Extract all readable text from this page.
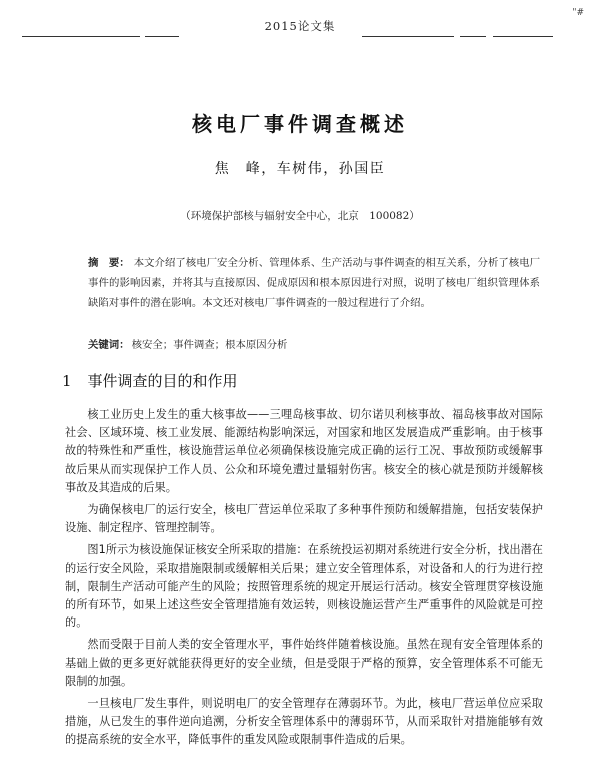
2015论文集
"#
核电厂事件调查概述
焦　峰，车树伟，孙国臣
（环境保护部核与辐射安全中心，北京　100082）
摘　要： 本文介绍了核电厂安全分析、管理体系、生产活动与事件调查的相互关系，分析了核电厂事件的影响因素，并将其与直接原因、促成原因和根本原因进行对照，说明了核电厂组织管理体系缺陷对事件的潜在影响。本文还对核电厂事件调查的一般过程进行了介绍。
关键词： 核安全；事件调查；根本原因分析
1 事件调查的目的和作用

核工业历史上发生的重大核事故——三哩岛核事故、切尔诺贝利核事故、福岛核事故对国际社会、区域环境、核工业发展、能源结构影响深远，对国家和地区发展造成严重影响。由于核事故的特殊性和严重性，核设施营运单位必须确保核设施完成正确的运行工况、事故预防或缓解事故后果从而实现保护工作人员、公众和环境免遭过量辐射伤害。核安全的核心就是预防并缓解核事故及其造成的后果。

为确保核电厂的运行安全，核电厂营运单位采取了多种事件预防和缓解措施，包括安装保护设施、制定程序、管理控制等。

图1所示为核设施保证核安全所采取的措施：在系统投运初期对系统进行安全分析，找出潜在的运行安全风险，采取措施限制或缓解相关后果；建立安全管理体系，对设备和人的行为进行控制，限制生产活动可能产生的风险；按照管理系统的规定开展运行活动。核安全管理贯穿核设施的所有环节，如果上述这些安全管理措施有效运转，则核设施运营产生严重事件的风险就是可控的。

然而受限于目前人类的安全管理水平，事件始终伴随着核设施。虽然在现有安全管理体系的基础上做的更多更好就能获得更好的安全业绩，但是受限于严格的预算，安全管理体系不可能无限制的加强。

一旦核电厂发生事件，则说明电厂的安全管理存在薄弱环节。为此，核电厂营运单位应采取措施，从已发生的事件逆向追溯，分析安全管理体系中的薄弱环节，从而采取针对措施能够有效的提高系统的安全水平，降低事件的重发风险或限制事件造成的后果。
